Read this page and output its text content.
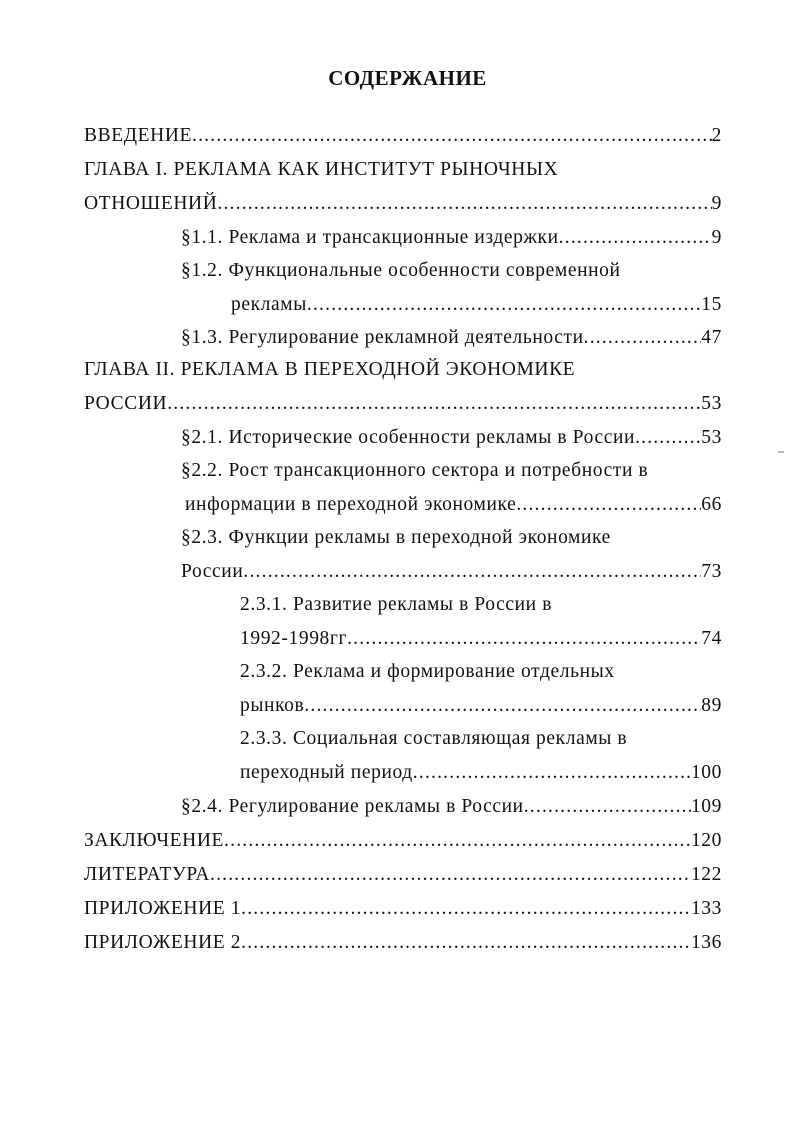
СОДЕРЖАНИЕ
ВВЕДЕНИЕ .....	2
ГЛАВА I. РЕКЛАМА КАК ИНСТИТУТ РЫНОЧНЫХ
ОТНОШЕНИЙ .....	9
§1.1. Реклама и трансакционные издержки .....	9
§1.2. Функциональные особенности современной
рекламы .....	15
§1.3. Регулирование рекламной деятельности .....	47
ГЛАВА II. РЕКЛАМА В ПЕРЕХОДНОЙ ЭКОНОМИКЕ
РОССИИ .....	53
§2.1. Исторические особенности рекламы в России .....	53
§2.2. Рост трансакционного сектора и потребности в
информации в переходной экономике .....	66
§2.3. Функции рекламы в переходной экономике
России .....	73
2.3.1. Развитие рекламы в России в
1992-1998гг .....	74
2.3.2. Реклама и формирование отдельных
рынков .....	89
2.3.3. Социальная составляющая рекламы в
переходный период .....	100
§2.4. Регулирование рекламы в России .....	109
ЗАКЛЮЧЕНИЕ .....	120
ЛИТЕРАТУРА .....	122
ПРИЛОЖЕНИЕ 1 .....	133
ПРИЛОЖЕНИЕ 2 .....	136
